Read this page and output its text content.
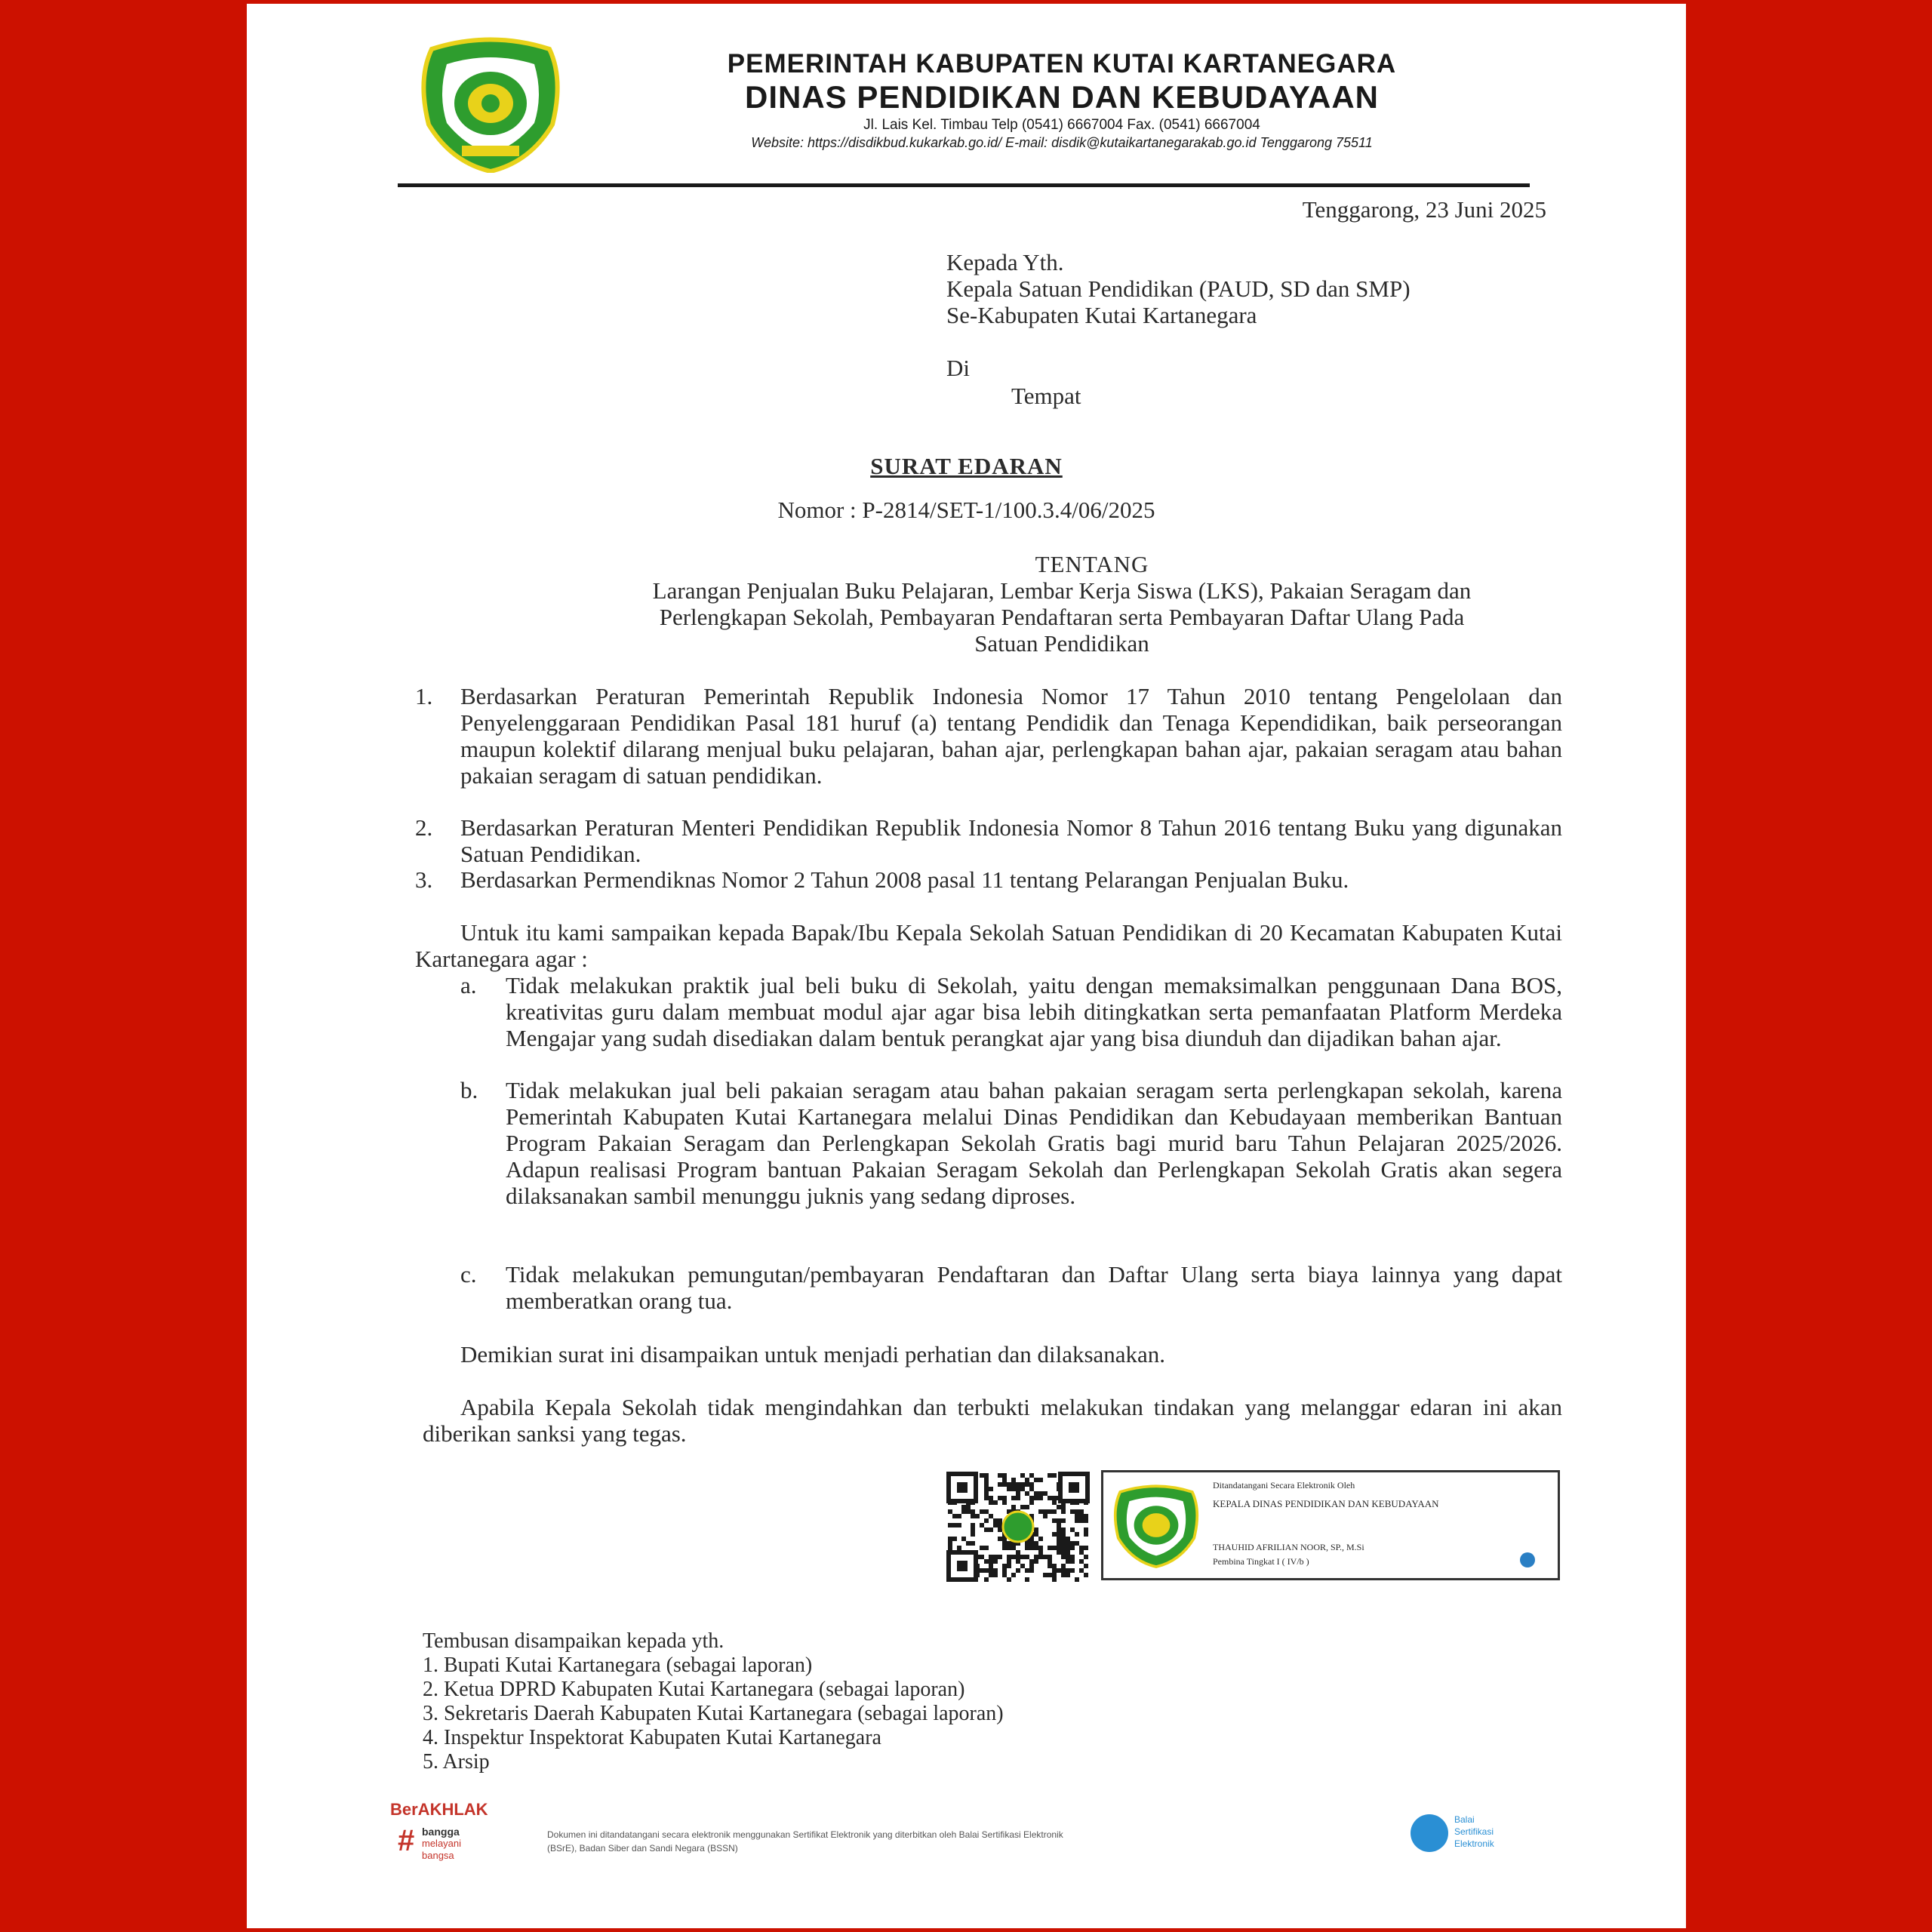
PEMERINTAH KABUPATEN KUTAI KARTANEGARA
DINAS PENDIDIKAN DAN KEBUDAYAAN
Jl. Lais Kel. Timbau Telp (0541) 6667004 Fax. (0541) 6667004
Website: https://disdikbud.kukarkab.go.id/ E-mail: disdik@kutaikartanegarakab.go.id Tenggarong 75511
Tenggarong, 23 Juni 2025
Kepada Yth.
Kepala Satuan Pendidikan (PAUD, SD dan SMP)
Se-Kabupaten Kutai Kartanegara
Di
Tempat
SURAT EDARAN
Nomor : P-2814/SET-1/100.3.4/06/2025
TENTANG
Larangan Penjualan Buku Pelajaran, Lembar Kerja Siswa (LKS), Pakaian Seragam dan
Perlengkapan Sekolah, Pembayaran Pendaftaran serta Pembayaran Daftar Ulang Pada
Satuan Pendidikan
1. Berdasarkan Peraturan Pemerintah Republik Indonesia Nomor 17 Tahun 2010 tentang Pengelolaan dan Penyelenggaraan Pendidikan Pasal 181 huruf (a) tentang Pendidik dan Tenaga Kependidikan, baik perseorangan maupun kolektif dilarang menjual buku pelajaran, bahan ajar, perlengkapan bahan ajar, pakaian seragam atau bahan pakaian seragam di satuan pendidikan.
2. Berdasarkan Peraturan Menteri Pendidikan Republik Indonesia Nomor 8 Tahun 2016 tentang Buku yang digunakan Satuan Pendidikan.
3. Berdasarkan Permendiknas Nomor 2 Tahun 2008 pasal 11 tentang Pelarangan Penjualan Buku.
Untuk itu kami sampaikan kepada Bapak/Ibu Kepala Sekolah Satuan Pendidikan di 20 Kecamatan Kabupaten Kutai Kartanegara agar :
a. Tidak melakukan praktik jual beli buku di Sekolah, yaitu dengan memaksimalkan penggunaan Dana BOS, kreativitas guru dalam membuat modul ajar agar bisa lebih ditingkatkan serta pemanfaatan Platform Merdeka Mengajar yang sudah disediakan dalam bentuk perangkat ajar yang bisa diunduh dan dijadikan bahan ajar.
b. Tidak melakukan jual beli pakaian seragam atau bahan pakaian seragam serta perlengkapan sekolah, karena Pemerintah Kabupaten Kutai Kartanegara melalui Dinas Pendidikan dan Kebudayaan memberikan Bantuan Program Pakaian Seragam dan Perlengkapan Sekolah Gratis bagi murid baru Tahun Pelajaran 2025/2026. Adapun realisasi Program bantuan Pakaian Seragam Sekolah dan Perlengkapan Sekolah Gratis akan segera dilaksanakan sambil menunggu juknis yang sedang diproses.
c. Tidak melakukan pemungutan/pembayaran Pendaftaran dan Daftar Ulang serta biaya lainnya yang dapat memberatkan orang tua.
Demikian surat ini disampaikan untuk menjadi perhatian dan dilaksanakan.
Apabila Kepala Sekolah tidak mengindahkan dan terbukti melakukan tindakan yang melanggar edaran ini akan diberikan sanksi yang tegas.
Ditandatangani Secara Elektronik Oleh
KEPALA DINAS PENDIDIKAN DAN KEBUDAYAAN
THAUHID AFRILIAN NOOR, SP., M.Si
Pembina Tingkat I ( IV/b )
Tembusan disampaikan kepada yth.
1. Bupati Kutai Kartanegara (sebagai laporan)
2. Ketua DPRD Kabupaten Kutai Kartanegara (sebagai laporan)
3. Sekretaris Daerah Kabupaten Kutai Kartanegara (sebagai laporan)
4. Inspektur Inspektorat Kabupaten Kutai Kartanegara
5. Arsip
BerAKHLAK
# bangga
melayani
bangsa
Dokumen ini ditandatangani secara elektronik menggunakan Sertifikat Elektronik yang diterbitkan oleh Balai Sertifikasi Elektronik
(BSrE), Badan Siber dan Sandi Negara (BSSN)
Balai
Sertifikasi
Elektronik
